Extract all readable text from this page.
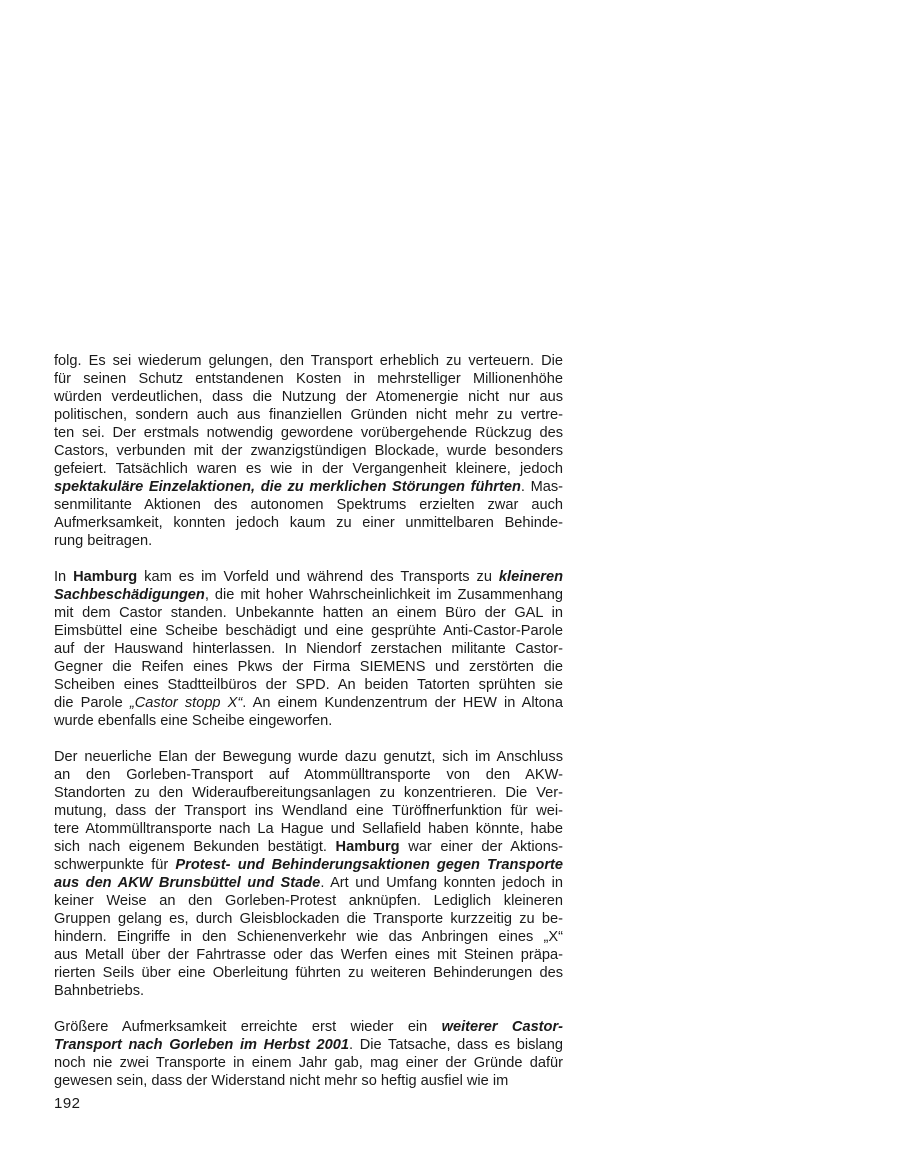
folg. Es sei wiederum gelungen, den Transport erheblich zu verteuern. Die
für seinen Schutz entstandenen Kosten in mehrstelliger Millionenhöhe
würden verdeutlichen, dass die Nutzung der Atomenergie nicht nur aus
politischen, sondern auch aus finanziellen Gründen nicht mehr zu vertre-
ten sei. Der erstmals notwendig gewordene vorübergehende Rückzug des
Castors, verbunden mit der zwanzigstündigen Blockade, wurde besonders
gefeiert. Tatsächlich waren es wie in der Vergangenheit kleinere, jedoch
spektakuläre Einzelaktionen, die zu merklichen Störungen führten. Mas-
senmilitante Aktionen des autonomen Spektrums erzielten zwar auch
Aufmerksamkeit, konnten jedoch kaum zu einer unmittelbaren Behinde-
rung beitragen.
In Hamburg kam es im Vorfeld und während des Transports zu kleineren
Sachbeschädigungen, die mit hoher Wahrscheinlichkeit im Zusammenhang
mit dem Castor standen. Unbekannte hatten an einem Büro der GAL in
Eimsbüttel eine Scheibe beschädigt und eine gesprühte Anti-Castor-Parole
auf der Hauswand hinterlassen. In Niendorf zerstachen militante Castor-
Gegner die Reifen eines Pkws der Firma SIEMENS und zerstörten die
Scheiben eines Stadtteilbüros der SPD. An beiden Tatorten sprühten sie
die Parole „Castor stopp X“. An einem Kundenzentrum der HEW in Altona
wurde ebenfalls eine Scheibe eingeworfen.
Der neuerliche Elan der Bewegung wurde dazu genutzt, sich im Anschluss
an den Gorleben-Transport auf Atommülltransporte von den AKW-
Standorten zu den Wideraufbereitungsanlagen zu konzentrieren. Die Ver-
mutung, dass der Transport ins Wendland eine Türöffnerfunktion für wei-
tere Atommülltransporte nach La Hague und Sellafield haben könnte, habe
sich nach eigenem Bekunden bestätigt. Hamburg war einer der Aktions-
schwerpunkte für Protest- und Behinderungsaktionen gegen Transporte
aus den AKW Brunsbüttel und Stade. Art und Umfang konnten jedoch in
keiner Weise an den Gorleben-Protest anknüpfen. Lediglich kleineren
Gruppen gelang es, durch Gleisblockaden die Transporte kurzzeitig zu be-
hindern. Eingriffe in den Schienenverkehr wie das Anbringen eines „X“
aus Metall über der Fahrtrasse oder das Werfen eines mit Steinen präpa-
rierten Seils über eine Oberleitung führten zu weiteren Behinderungen des
Bahnbetriebs.
Größere Aufmerksamkeit erreichte erst wieder ein weiterer Castor-
Transport nach Gorleben im Herbst 2001. Die Tatsache, dass es bislang
noch nie zwei Transporte in einem Jahr gab, mag einer der Gründe dafür
gewesen sein, dass der Widerstand nicht mehr so heftig ausfiel wie im
192
